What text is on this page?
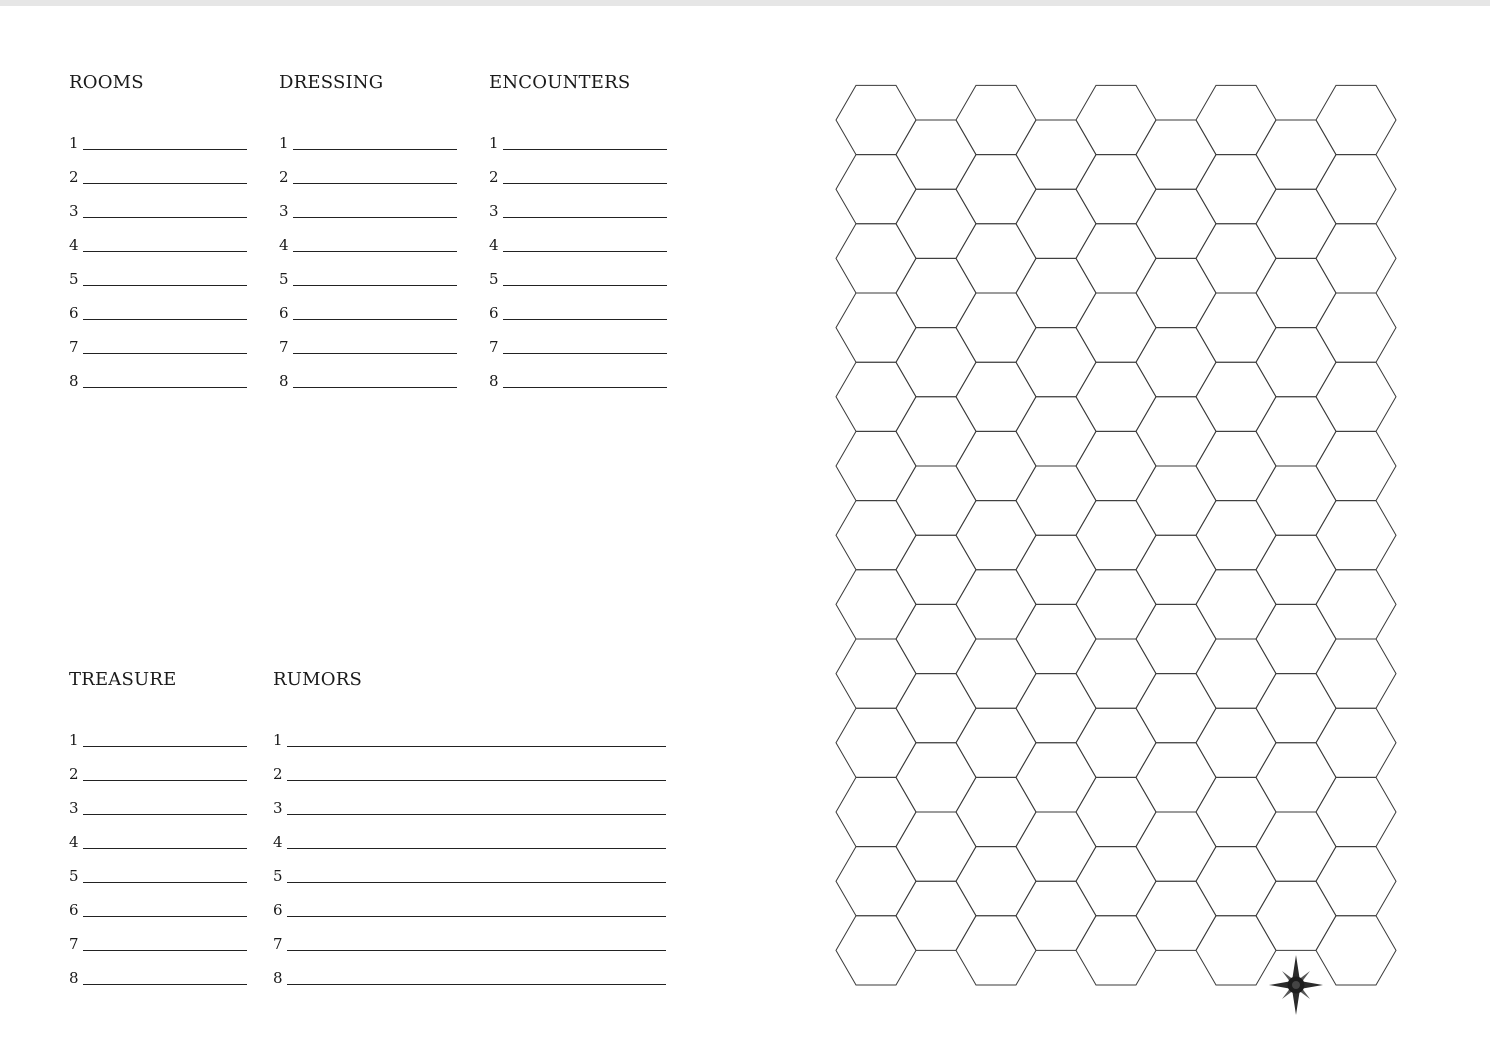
ROOMS
1
2
3
4
5
6
7
8
DRESSING
1
2
3
4
5
6
7
8
ENCOUNTERS
1
2
3
4
5
6
7
8
TREASURE
1
2
3
4
5
6
7
8
RUMORS
1
2
3
4
5
6
7
8
